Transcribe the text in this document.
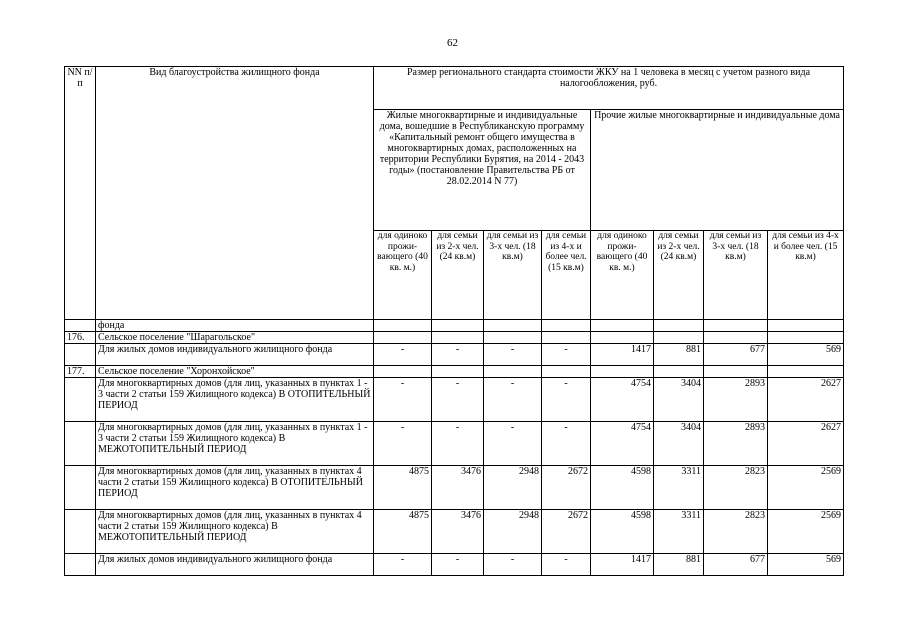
62
NN п/п	Вид благоустройства жилищного фонда	Размер регионального стандарта стоимости ЖКУ на 1 человека в месяц с учетом разного вида налогообложения, руб.							
		Жилые многоквартирные и индивидуальные дома, вошедшие в Республиканскую программу «Капитальный ремонт общего имущества в многоквартирных домах, расположенных на территории Республики Бурятия, на 2014 - 2043 годы» (постановление Правительства РБ от 28.02.2014 N 77)				Прочие жилые многоквартирные и индивидуальные дома			
		для одиноко прожи-вающего (40 кв. м.)	для семьи из 2-х чел. (24 кв.м)	для семьи из 3-х чел. (18 кв.м)	для семьи из 4-х и более чел. (15 кв.м)	для одиноко прожи-вающего (40 кв. м.)	для семьи из 2-х чел. (24 кв.м)	для семьи из 3-х чел. (18 кв.м)	для семьи из 4-х и более чел. (15 кв.м)
	фонда								
176.	Сельское поселение "Шарагольское"								
	Для жилых домов индивидуального жилищного фонда	-	-	-	-	1417	881	677	569
177.	Сельское поселение "Хоронхойское"								
	Для многоквартирных домов (для лиц, указанных в пунктах 1 - 3 части 2 статьи 159 Жилищного кодекса) В ОТОПИТЕЛЬНЫЙ ПЕРИОД	-	-	-	-	4754	3404	2893	2627
	Для многоквартирных домов (для лиц, указанных в пунктах 1 - 3 части 2 статьи 159 Жилищного кодекса) В МЕЖОТОПИТЕЛЬНЫЙ ПЕРИОД	-	-	-	-	4754	3404	2893	2627
	Для многоквартирных домов (для лиц, указанных в пунктах 4 части 2 статьи 159 Жилищного кодекса) В ОТОПИТЕЛЬНЫЙ ПЕРИОД	4875	3476	2948	2672	4598	3311	2823	2569
	Для многоквартирных домов (для лиц, указанных в пунктах 4 части 2 статьи 159 Жилищного кодекса) В МЕЖОТОПИТЕЛЬНЫЙ ПЕРИОД	4875	3476	2948	2672	4598	3311	2823	2569
	Для жилых домов индивидуального жилищного фонда	-	-	-	-	1417	881	677	569
